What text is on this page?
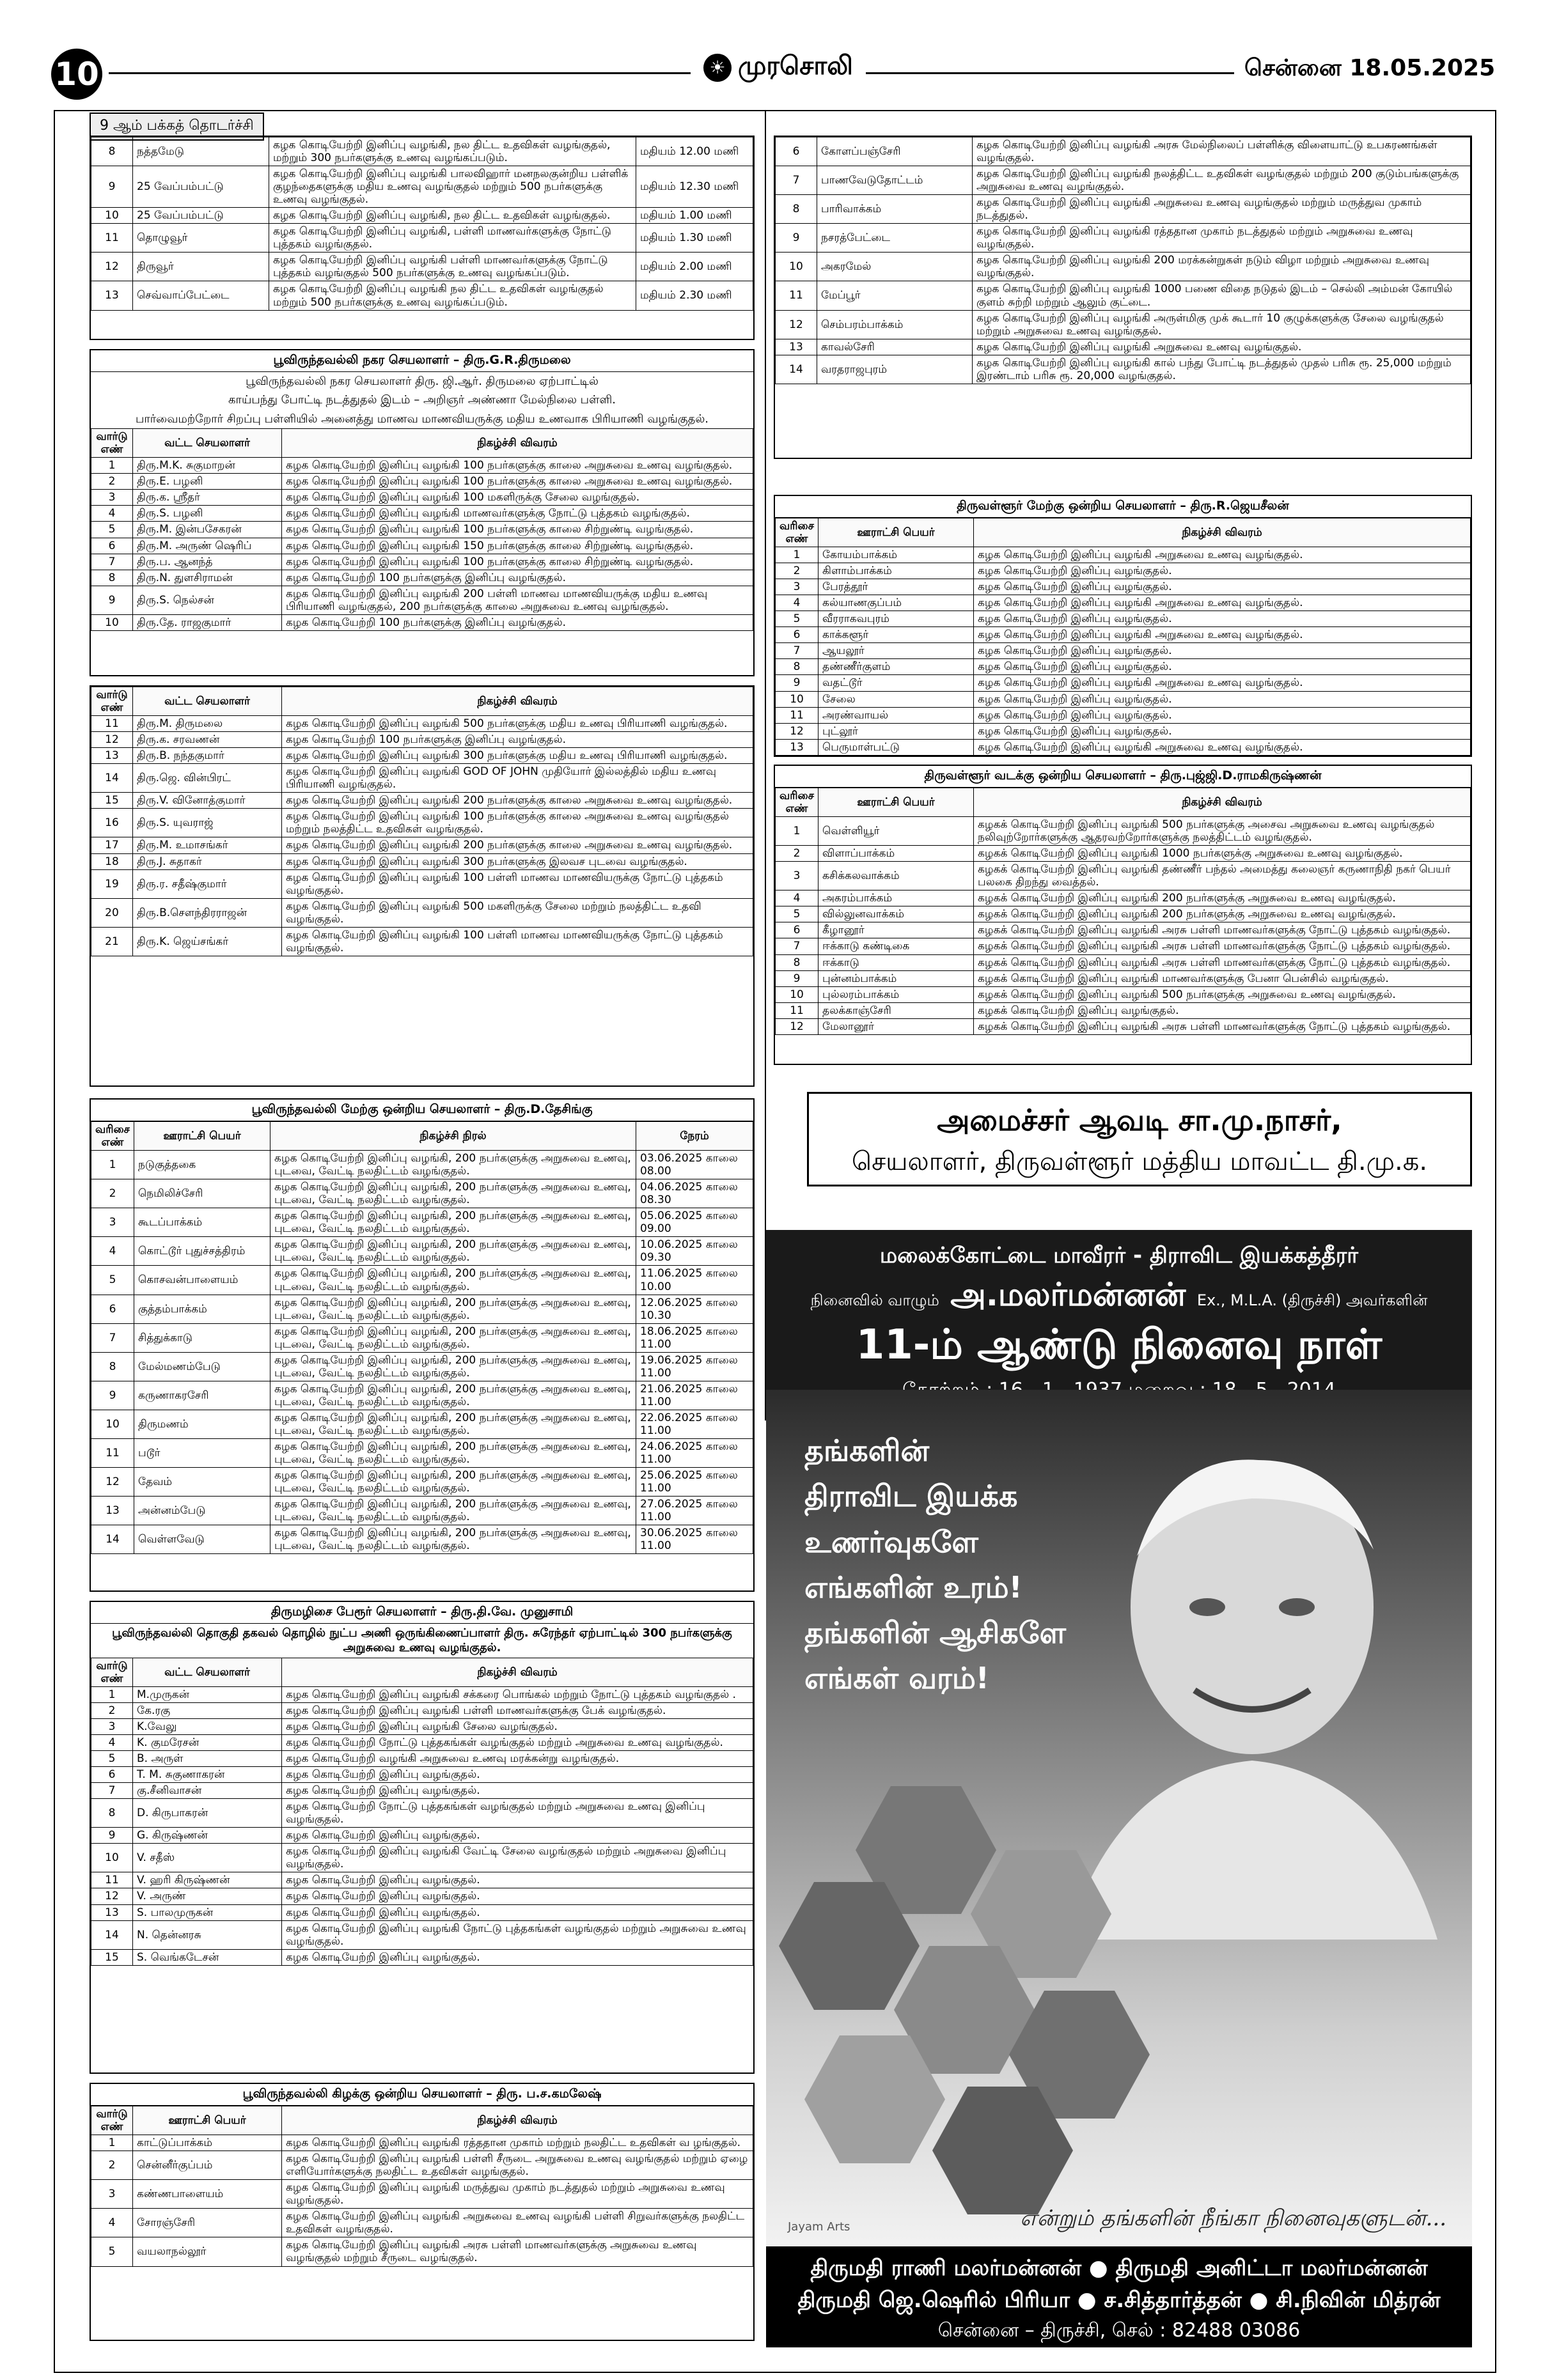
10	☀ முரசொலி	சென்னை 18.05.2025
9 ஆம் பக்கத் தொடர்ச்சி
8	நத்தமேடு	கழக கொடியேற்றி இனிப்பு வழங்கி, நல திட்ட உதவிகள் வழங்குதல், மற்றும் 300 நபர்களுக்கு உணவு வழங்கப்படும்.	மதியம் 12.00 மணி
9	25 வேப்பம்பட்டு	கழக கொடியேற்றி இனிப்பு வழங்கி பாலவிஹார் மனநலகுன்றிய பள்ளிக் குழந்தைகளுக்கு மதிய உணவு வழங்குதல் மற்றும் 500 நபர்களுக்கு உணவு வழங்குதல்.	மதியம் 12.30 மணி
10	25 வேப்பம்பட்டு	கழக கொடியேற்றி இனிப்பு வழங்கி, நல திட்ட உதவிகள் வழங்குதல்.	மதியம் 1.00 மணி
11	தொழுவூர்	கழக கொடியேற்றி இனிப்பு வழங்கி, பள்ளி மாணவர்களுக்கு நோட்டு புத்தகம் வழங்குதல்.	மதியம் 1.30 மணி
12	திருவூர்	கழக கொடியேற்றி இனிப்பு வழங்கி பள்ளி மாணவர்களுக்கு நோட்டு புத்தகம் வழங்குதல் 500 நபர்களுக்கு உணவு வழங்கப்படும்.	மதியம் 2.00 மணி
13	செவ்வாப்பேட்டை	கழக கொடியேற்றி இனிப்பு வழங்கி நல திட்ட உதவிகள் வழங்குதல் மற்றும் 500 நபர்களுக்கு உணவு வழங்கப்படும்.	மதியம் 2.30 மணி
பூவிருந்தவல்லி நகர செயலாளர் – திரு.G.R.திருமலை
பூவிருந்தவல்லி நகர செயலாளர் திரு. ஜி.ஆர். திருமலை ஏற்பாட்டில்
காய்பந்து போட்டி நடத்துதல் இடம் – அறிஞர் அண்ணா மேல்நிலை பள்ளி.
பார்வைமற்றோர் சிறப்பு பள்ளியில் அனைத்து மாணவ மாணவியருக்கு மதிய உணவாக பிரியாணி வழங்குதல்.
வார்டு எண்	வட்ட செயலாளர்	நிகழ்ச்சி விவரம்
1	திரு.M.K. சுகுமாறன்	கழக கொடியேற்றி இனிப்பு வழங்கி 100 நபர்களுக்கு காலை அறுசுவை உணவு வழங்குதல்.
2	திரு.E. பழனி	கழக கொடியேற்றி இனிப்பு வழங்கி 100 நபர்களுக்கு காலை அறுசுவை உணவு வழங்குதல்.
3	திரு.க. ஸ்ரீதர்	கழக கொடியேற்றி இனிப்பு வழங்கி 100 மகளிருக்கு சேலை வழங்குதல்.
4	திரு.S. பழனி	கழக கொடியேற்றி இனிப்பு வழங்கி மாணவர்களுக்கு நோட்டு புத்தகம் வழங்குதல்.
5	திரு.M. இன்பசேகரன்	கழக கொடியேற்றி இனிப்பு வழங்கி 100 நபர்களுக்கு காலை சிற்றுண்டி வழங்குதல்.
6	திரு.M. அருண் ஷெரிப்	கழக கொடியேற்றி இனிப்பு வழங்கி 150 நபர்களுக்கு காலை சிற்றுண்டி வழங்குதல்.
7	திரு.ப. ஆனந்த்	கழக கொடியேற்றி இனிப்பு வழங்கி 100 நபர்களுக்கு காலை சிற்றுண்டி வழங்குதல்.
8	திரு.N. துளசிராமன்	கழக கொடியேற்றி 100 நபர்களுக்கு இனிப்பு வழங்குதல்.
9	திரு.S. நெல்சன்	கழக கொடியேற்றி இனிப்பு வழங்கி 200 பள்ளி மாணவ மாணவியருக்கு மதிய உணவு பிரியாணி வழங்குதல், 200 நபர்களுக்கு காலை அறுசுவை உணவு வழங்குதல்.
10	திரு.தே. ராஜகுமார்	கழக கொடியேற்றி 100 நபர்களுக்கு இனிப்பு வழங்குதல்.
வார்டு எண்	வட்ட செயலாளர்	நிகழ்ச்சி விவரம்
11	திரு.M. திருமலை	கழக கொடியேற்றி இனிப்பு வழங்கி 500 நபர்களுக்கு மதிய உணவு பிரியாணி வழங்குதல்.
12	திரு.க. சரவணன்	கழக கொடியேற்றி 100 நபர்களுக்கு இனிப்பு வழங்குதல்.
13	திரு.B. நந்தகுமார்	கழக கொடியேற்றி இனிப்பு வழங்கி 300 நபர்களுக்கு மதிய உணவு பிரியாணி வழங்குதல்.
14	திரு.ஜெ. வின்பிரட்	கழக கொடியேற்றி இனிப்பு வழங்கி GOD OF JOHN முதியோர் இல்லத்தில் மதிய உணவு பிரியாணி வழங்குதல்.
15	திரு.V. வினோத்குமார்	கழக கொடியேற்றி இனிப்பு வழங்கி 200 நபர்களுக்கு காலை அறுசுவை உணவு வழங்குதல்.
16	திரு.S. யுவராஜ்	கழக கொடியேற்றி இனிப்பு வழங்கி 100 நபர்களுக்கு காலை அறுசுவை உணவு வழங்குதல் மற்றும் நலத்திட்ட உதவிகள் வழங்குதல்.
17	திரு.M. உமாசங்கர்	கழக கொடியேற்றி இனிப்பு வழங்கி 200 நபர்களுக்கு காலை அறுசுவை உணவு வழங்குதல்.
18	திரு.J. சுதாகர்	கழக கொடியேற்றி இனிப்பு வழங்கி 300 நபர்களுக்கு இலவச புடவை வழங்குதல்.
19	திரு.ர. சதீஷ்குமார்	கழக கொடியேற்றி இனிப்பு வழங்கி 100 பள்ளி மாணவ மாணவியருக்கு நோட்டு புத்தகம் வழங்குதல்.
20	திரு.B.சௌந்திரராஜன்	கழக கொடியேற்றி இனிப்பு வழங்கி 500 மகளிருக்கு சேலை மற்றும் நலத்திட்ட உதவி வழங்குதல்.
21	திரு.K. ஜெய்சங்கர்	கழக கொடியேற்றி இனிப்பு வழங்கி 100 பள்ளி மாணவ மாணவியருக்கு நோட்டு புத்தகம் வழங்குதல்.
பூவிருந்தவல்லி மேற்கு ஒன்றிய செயலாளர் – திரு.D.தேசிங்கு
வரிசை எண்	ஊராட்சி பெயர்	நிகழ்ச்சி நிரல்	நேரம்
1	நடுகுத்தகை	கழக கொடியேற்றி இனிப்பு வழங்கி, 200 நபர்களுக்கு அறுசுவை உணவு, புடவை, வேட்டி நலதிட்டம் வழங்குதல்.	03.06.2025 காலை 08.00
2	நெமிலிச்சேரி	கழக கொடியேற்றி இனிப்பு வழங்கி, 200 நபர்களுக்கு அறுசுவை உணவு, புடவை, வேட்டி நலதிட்டம் வழங்குதல்.	04.06.2025 காலை 08.30
3	கூடப்பாக்கம்	கழக கொடியேற்றி இனிப்பு வழங்கி, 200 நபர்களுக்கு அறுசுவை உணவு, புடவை, வேட்டி நலதிட்டம் வழங்குதல்.	05.06.2025 காலை 09.00
4	கொட்டூர் புதுச்சத்திரம்	கழக கொடியேற்றி இனிப்பு வழங்கி, 200 நபர்களுக்கு அறுசுவை உணவு, புடவை, வேட்டி நலதிட்டம் வழங்குதல்.	10.06.2025 காலை 09.30
5	கொசவன்பாளையம்	கழக கொடியேற்றி இனிப்பு வழங்கி, 200 நபர்களுக்கு அறுசுவை உணவு, புடவை, வேட்டி நலதிட்டம் வழங்குதல்.	11.06.2025 காலை 10.00
6	குத்தம்பாக்கம்	கழக கொடியேற்றி இனிப்பு வழங்கி, 200 நபர்களுக்கு அறுசுவை உணவு, புடவை, வேட்டி நலதிட்டம் வழங்குதல்.	12.06.2025 காலை 10.30
7	சித்துக்காடு	கழக கொடியேற்றி இனிப்பு வழங்கி, 200 நபர்களுக்கு அறுசுவை உணவு, புடவை, வேட்டி நலதிட்டம் வழங்குதல்.	18.06.2025 காலை 11.00
8	மேல்மணம்பேடு	கழக கொடியேற்றி இனிப்பு வழங்கி, 200 நபர்களுக்கு அறுசுவை உணவு, புடவை, வேட்டி நலதிட்டம் வழங்குதல்.	19.06.2025 காலை 11.00
9	கருணாகரசேரி	கழக கொடியேற்றி இனிப்பு வழங்கி, 200 நபர்களுக்கு அறுசுவை உணவு, புடவை, வேட்டி நலதிட்டம் வழங்குதல்.	21.06.2025 காலை 11.00
10	திருமணம்	கழக கொடியேற்றி இனிப்பு வழங்கி, 200 நபர்களுக்கு அறுசுவை உணவு, புடவை, வேட்டி நலதிட்டம் வழங்குதல்.	22.06.2025 காலை 11.00
11	படூர்	கழக கொடியேற்றி இனிப்பு வழங்கி, 200 நபர்களுக்கு அறுசுவை உணவு, புடவை, வேட்டி நலதிட்டம் வழங்குதல்.	24.06.2025 காலை 11.00
12	தேவம்	கழக கொடியேற்றி இனிப்பு வழங்கி, 200 நபர்களுக்கு அறுசுவை உணவு, புடவை, வேட்டி நலதிட்டம் வழங்குதல்.	25.06.2025 காலை 11.00
13	அன்னம்பேடு	கழக கொடியேற்றி இனிப்பு வழங்கி, 200 நபர்களுக்கு அறுசுவை உணவு, புடவை, வேட்டி நலதிட்டம் வழங்குதல்.	27.06.2025 காலை 11.00
14	வெள்ளவேடு	கழக கொடியேற்றி இனிப்பு வழங்கி, 200 நபர்களுக்கு அறுசுவை உணவு, புடவை, வேட்டி நலதிட்டம் வழங்குதல்.	30.06.2025 காலை 11.00
திருமழிசை பேரூர் செயலாளர் – திரு.தி.வே. முனுசாமி
பூவிருந்தவல்லி தொகுதி தகவல் தொழில் நுட்ப அணி ஒருங்கிணைப்பாளர் திரு. சுரேந்தர் ஏற்பாட்டில் 300 நபர்களுக்கு அறுசுவை உணவு வழங்குதல்.
வார்டு எண்	வட்ட செயலாளர்	நிகழ்ச்சி விவரம்
1	M.முருகன்	கழக கொடியேற்றி இனிப்பு வழங்கி சக்கரை பொங்கல் மற்றும் நோட்டு புத்தகம் வழங்குதல் .
2	கே.ரகு	கழக கொடியேற்றி இனிப்பு வழங்கி பள்ளி மாணவர்களுக்கு பேக் வழங்குதல்.
3	K.வேலு	கழக கொடியேற்றி இனிப்பு வழங்கி சேலை வழங்குதல்.
4	K. குமரேசன்	கழக கொடியேற்றி நோட்டு புத்தகங்கள் வழங்குதல் மற்றும் அறுசுவை உணவு வழங்குதல்.
5	B. அருள்	கழக கொடியேற்றி வழங்கி அறுசுவை உணவு மரக்கன்று வழங்குதல்.
6	T. M. சுகுணாகரன்	கழக கொடியேற்றி இனிப்பு வழங்குதல்.
7	கு.சீனிவாசன்	கழக கொடியேற்றி இனிப்பு வழங்குதல்.
8	D. கிருபாகரன்	கழக கொடியேற்றி நோட்டு புத்தகங்கள் வழங்குதல் மற்றும் அறுசுவை உணவு இனிப்பு வழங்குதல்.
9	G. கிருஷ்ணன்	கழக கொடியேற்றி இனிப்பு வழங்குதல்.
10	V. சதீஸ்	கழக கொடியேற்றி இனிப்பு வழங்கி வேட்டி சேலை வழங்குதல் மற்றும் அறுசுவை இனிப்பு வழங்குதல்.
11	V. ஹரி கிருஷ்ணன்	கழக கொடியேற்றி இனிப்பு வழங்குதல்.
12	V. அருண்	கழக கொடியேற்றி இனிப்பு வழங்குதல்.
13	S. பாலமுருகன்	கழக கொடியேற்றி இனிப்பு வழங்குதல்.
14	N. தென்னரசு	கழக கொடியேற்றி இனிப்பு வழங்கி நோட்டு புத்தகங்கள் வழங்குதல் மற்றும் அறுசுவை உணவு வழங்குதல்.
15	S. வெங்கடேசன்	கழக கொடியேற்றி இனிப்பு வழங்குதல்.
பூவிருந்தவல்லி கிழக்கு ஒன்றிய செயலாளர் – திரு. ப.ச.கமலேஷ்
வார்டு எண்	ஊராட்சி பெயர்	நிகழ்ச்சி விவரம்
1	காட்டுப்பாக்கம்	கழக கொடியேற்றி இனிப்பு வழங்கி ரத்ததான முகாம் மற்றும் நலதிட்ட உதவிகள் வ ழங்குதல்.
2	சென்னீர்குப்பம்	கழக கொடியேற்றி இனிப்பு வழங்கி பள்ளி சீருடை அறுசுவை உணவு வழங்குதல் மற்றும் ஏழை எளியோர்களுக்கு நலதிட்ட உதவிகள் வழங்குதல்.
3	கண்ணபாளையம்	கழக கொடியேற்றி இனிப்பு வழங்கி மருத்துவ முகாம் நடத்துதல் மற்றும் அறுசுவை உணவு வழங்குதல்.
4	சோரஞ்சேரி	கழக கொடியேற்றி இனிப்பு வழங்கி அறுசுவை உணவு வழங்கி பள்ளி சிறுவர்களுக்கு நலதிட்ட உதவிகள் வழங்குதல்.
5	வயலாநல்லூர்	கழக கொடியேற்றி இனிப்பு வழங்கி அரசு பள்ளி மாணவர்களுக்கு அறுசுவை உணவு வழங்குதல் மற்றும் சீருடை வழங்குதல்.
6	கோளப்பஞ்சேரி	கழக கொடியேற்றி இனிப்பு வழங்கி அரசு மேல்நிலைப் பள்ளிக்கு விளையாட்டு உபகரணங்கள் வழங்குதல்.
7	பாணவேடுதோட்டம்	கழக கொடியேற்றி இனிப்பு வழங்கி நலத்திட்ட உதவிகள் வழங்குதல் மற்றும் 200 குடும்பங்களுக்கு அறுசுவை உணவு வழங்குதல்.
8	பாரிவாக்கம்	கழக கொடியேற்றி இனிப்பு வழங்கி அறுசுவை உணவு வழங்குதல் மற்றும் மருத்துவ முகாம் நடத்துதல்.
9	நசரத்பேட்டை	கழக கொடியேற்றி இனிப்பு வழங்கி ரத்ததான முகாம் நடத்துதல் மற்றும் அறுசுவை உணவு வழங்குதல்.
10	அகரமேல்	கழக கொடியேற்றி இனிப்பு வழங்கி 200 மரக்கன்றுகள் நடும் விழா மற்றும் அறுசுவை உணவு வழங்குதல்.
11	மேப்பூர்	கழக கொடியேற்றி இனிப்பு வழங்கி 1000 பணை விதை நடுதல் இடம் – செல்லி அம்மன் கோயில் குளம் சுற்றி மற்றும் ஆலும் குட்டை.
12	செம்பரம்பாக்கம்	கழக கொடியேற்றி இனிப்பு வழங்கி அருள்மிகு முக் கூடார் 10 குழுக்களுக்கு சேலை வழங்குதல் மற்றும் அறுசுவை உணவு வழங்குதல்.
13	காவல்சேரி	கழக கொடியேற்றி இனிப்பு வழங்கி அறுசுவை உணவு வழங்குதல்.
14	வரதராஜபுரம்	கழக கொடியேற்றி இனிப்பு வழங்கி கால் பந்து போட்டி நடத்துதல் முதல் பரிசு ரூ. 25,000 மற்றும் இரண்டாம் பரிசு ரூ. 20,000 வழங்குதல்.
திருவள்ளூர் மேற்கு ஒன்றிய செயலாளர் – திரு.R.ஜெயசீலன்
வரிசை எண்	ஊராட்சி பெயர்	நிகழ்ச்சி விவரம்
1	கோயம்பாக்கம்	கழக கொடியேற்றி இனிப்பு வழங்கி அறுசுவை உணவு வழங்குதல்.
2	கிளாம்பாக்கம்	கழக கொடியேற்றி இனிப்பு வழங்குதல்.
3	பேரத்தூர்	கழக கொடியேற்றி இனிப்பு வழங்குதல்.
4	கல்யாணகுப்பம்	கழக கொடியேற்றி இனிப்பு வழங்கி அறுசுவை உணவு வழங்குதல்.
5	வீரராகவபுரம்	கழக கொடியேற்றி இனிப்பு வழங்குதல்.
6	காக்களூர்	கழக கொடியேற்றி இனிப்பு வழங்கி அறுசுவை உணவு வழங்குதல்.
7	ஆயலூர்	கழக கொடியேற்றி இனிப்பு வழங்குதல்.
8	தண்ணீர்குளம்	கழக கொடியேற்றி இனிப்பு வழங்குதல்.
9	வதட்டூர்	கழக கொடியேற்றி இனிப்பு வழங்கி அறுசுவை உணவு வழங்குதல்.
10	சேலை	கழக கொடியேற்றி இனிப்பு வழங்குதல்.
11	அரண்வாயல்	கழக கொடியேற்றி இனிப்பு வழங்குதல்.
12	புட்லூர்	கழக கொடியேற்றி இனிப்பு வழங்குதல்.
13	பெருமாள்பட்டு	கழக கொடியேற்றி இனிப்பு வழங்கி அறுசுவை உணவு வழங்குதல்.
திருவள்ளூர் வடக்கு ஒன்றிய செயலாளர் – திரு.புஜ்ஜி.D.ராமகிருஷ்ணன்
வரிசை எண்	ஊராட்சி பெயர்	நிகழ்ச்சி விவரம்
1	வெள்ளியூர்	கழகக் கொடியேற்றி இனிப்பு வழங்கி 500 நபர்களுக்கு அசைவ அறுசுவை உணவு வழங்குதல் நலிவுற்றோர்களுக்கு ஆதரவற்றோர்களுக்கு நலத்திட்டம் வழங்குதல்.
2	விளாப்பாக்கம்	கழகக் கொடியேற்றி இனிப்பு வழங்கி 1000 நபர்களுக்கு அறுசுவை உணவு வழங்குதல்.
3	கசிக்கலவாக்கம்	கழகக் கொடியேற்றி இனிப்பு வழங்கி தண்ணீர் பந்தல் அமைத்து கலைஞர் கருணாநிதி நகர் பெயர் பலகை திறந்து வைத்தல்.
4	அகரம்பாக்கம்	கழகக் கொடியேற்றி இனிப்பு வழங்கி 200 நபர்களுக்கு அறுசுவை உணவு வழங்குதல்.
5	வில்லுனவாக்கம்	கழகக் கொடியேற்றி இனிப்பு வழங்கி 200 நபர்களுக்கு அறுசுவை உணவு வழங்குதல்.
6	கீழானூர்	கழகக் கொடியேற்றி இனிப்பு வழங்கி அரசு பள்ளி மாணவர்களுக்கு நோட்டு புத்தகம் வழங்குதல்.
7	ஈக்காடு கண்டிகை	கழகக் கொடியேற்றி இனிப்பு வழங்கி அரசு பள்ளி மாணவர்களுக்கு நோட்டு புத்தகம் வழங்குதல்.
8	ஈக்காடு	கழகக் கொடியேற்றி இனிப்பு வழங்கி அரசு பள்ளி மாணவர்களுக்கு நோட்டு புத்தகம் வழங்குதல்.
9	புன்னம்பாக்கம்	கழகக் கொடியேற்றி இனிப்பு வழங்கி மாணவர்களுக்கு பேனா பென்சில் வழங்குதல்.
10	புல்லரம்பாக்கம்	கழகக் கொடியேற்றி இனிப்பு வழங்கி 500 நபர்களுக்கு அறுசுவை உணவு வழங்குதல்.
11	தலக்காஞ்சேரி	கழகக் கொடியேற்றி இனிப்பு வழங்குதல்.
12	மேலானூர்	கழகக் கொடியேற்றி இனிப்பு வழங்கி அரசு பள்ளி மாணவர்களுக்கு நோட்டு புத்தகம் வழங்குதல்.
அமைச்சர் ஆவடி சா.மு.நாசர்,
செயலாளர், திருவள்ளூர் மத்திய மாவட்ட தி.மு.க.
மலைக்கோட்டை மாவீரர் - திராவிட இயக்கத்தீரர்
நினைவில் வாழும் அ.மலர்மன்னன் Ex., M.L.A. (திருச்சி) அவர்களின்
11-ம் ஆண்டு நினைவு நாள்
தங்களின்
திராவிட இயக்க
உணர்வுகளே
எங்களின் உரம்!
தங்களின் ஆசிகளே
எங்கள் வரம்!
Jayam Arts	என்றும் தங்களின் நீங்கா நினைவுகளுடன்...
திருமதி ராணி மலர்மன்னன் ● திருமதி அனிட்டா மலர்மன்னன்
திருமதி ஜெ.ஷெரில் பிரியா ● ச.சித்தார்த்தன் ● சி.நிவின் மித்ரன்
சென்னை – திருச்சி, செல் : 82488 03086
